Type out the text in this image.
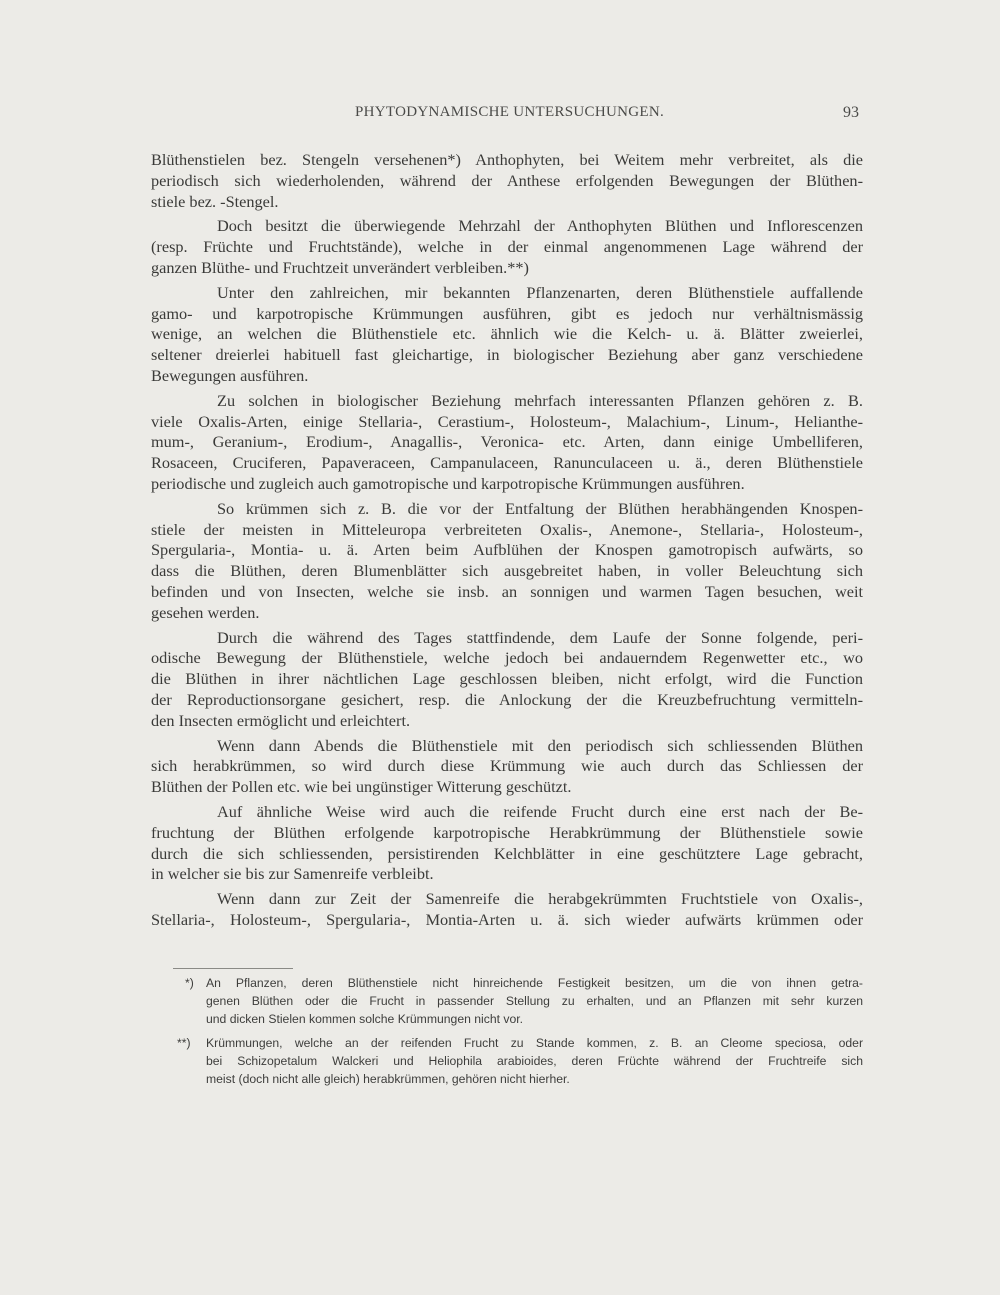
PHYTODYNAMISCHE UNTERSUCHUNGEN.	93

Blüthenstielen bez. Stengeln versehenen*) Anthophyten, bei Weitem mehr verbreitet, als die
periodisch sich wiederholenden, während der Anthese erfolgenden Bewegungen der Blüthen-
stiele bez. -Stengel.

Doch besitzt die überwiegende Mehrzahl der Anthophyten Blüthen und Inflorescenzen
(resp. Früchte und Fruchtstände), welche in der einmal angenommenen Lage während der
ganzen Blüthe- und Fruchtzeit unverändert verbleiben.**)

Unter den zahlreichen, mir bekannten Pflanzenarten, deren Blüthenstiele auffallende
gamo- und karpotropische Krümmungen ausführen, gibt es jedoch nur verhältnismässig
wenige, an welchen die Blüthenstiele etc. ähnlich wie die Kelch- u. ä. Blätter zweierlei,
seltener dreierlei habituell fast gleichartige, in biologischer Beziehung aber ganz verschiedene
Bewegungen ausführen.

Zu solchen in biologischer Beziehung mehrfach interessanten Pflanzen gehören z. B.
viele Oxalis-Arten, einige Stellaria-, Cerastium-, Holosteum-, Malachium-, Linum-, Helianthe-
mum-, Geranium-, Erodium-, Anagallis-, Veronica- etc. Arten, dann einige Umbelliferen,
Rosaceen, Cruciferen, Papaveraceen, Campanulaceen, Ranunculaceen u. ä., deren Blüthenstiele
periodische und zugleich auch gamotropische und karpotropische Krümmungen ausführen.

So krümmen sich z. B. die vor der Entfaltung der Blüthen herabhängenden Knospen-
stiele der meisten in Mitteleuropa verbreiteten Oxalis-, Anemone-, Stellaria-, Holosteum-,
Spergularia-, Montia- u. ä. Arten beim Aufblühen der Knospen gamotropisch aufwärts, so
dass die Blüthen, deren Blumenblätter sich ausgebreitet haben, in voller Beleuchtung sich
befinden und von Insecten, welche sie insb. an sonnigen und warmen Tagen besuchen, weit
gesehen werden.

Durch die während des Tages stattfindende, dem Laufe der Sonne folgende, peri-
odische Bewegung der Blüthenstiele, welche jedoch bei andauerndem Regenwetter etc., wo
die Blüthen in ihrer nächtlichen Lage geschlossen bleiben, nicht erfolgt, wird die Function
der Reproductionsorgane gesichert, resp. die Anlockung der die Kreuzbefruchtung vermitteln-
den Insecten ermöglicht und erleichtert.

Wenn dann Abends die Blüthenstiele mit den periodisch sich schliessenden Blüthen
sich herabkrümmen, so wird durch diese Krümmung wie auch durch das Schliessen der
Blüthen der Pollen etc. wie bei ungünstiger Witterung geschützt.

Auf ähnliche Weise wird auch die reifende Frucht durch eine erst nach der Be-
fruchtung der Blüthen erfolgende karpotropische Herabkrümmung der Blüthenstiele sowie
durch die sich schliessenden, persistirenden Kelchblätter in eine geschütztere Lage gebracht,
in welcher sie bis zur Samenreife verbleibt.

Wenn dann zur Zeit der Samenreife die herabgekrümmten Fruchtstiele von Oxalis-,
Stellaria-, Holosteum-, Spergularia-, Montia-Arten u. ä. sich wieder aufwärts krümmen oder

*) An Pflanzen, deren Blüthenstiele nicht hinreichende Festigkeit besitzen, um die von ihnen getra-
genen Blüthen oder die Frucht in passender Stellung zu erhalten, und an Pflanzen mit sehr kurzen
und dicken Stielen kommen solche Krümmungen nicht vor.
**) Krümmungen, welche an der reifenden Frucht zu Stande kommen, z. B. an Cleome speciosa, oder
bei Schizopetalum Walckeri und Heliophila arabioides, deren Früchte während der Fruchtreife sich
meist (doch nicht alle gleich) herabkrümmen, gehören nicht hierher.
